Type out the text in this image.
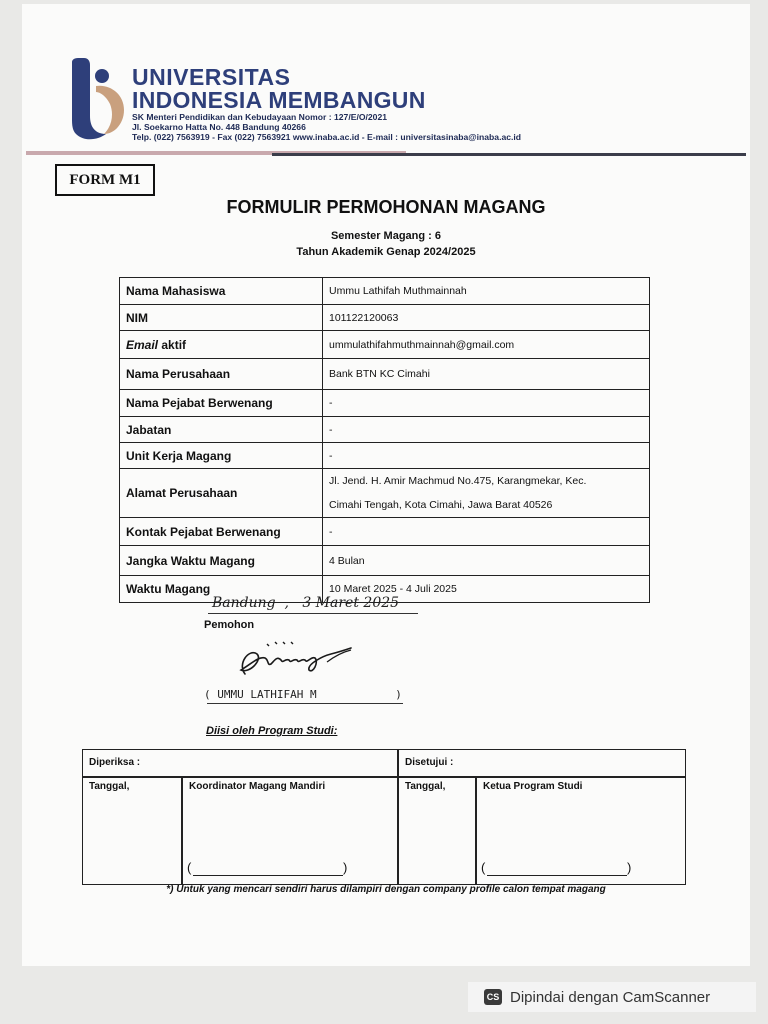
UNIVERSITAS
INDONESIA MEMBANGUN
SK Menteri Pendidikan dan Kebudayaan Nomor : 127/E/O/2021
Jl. Soekarno Hatta No. 448 Bandung 40266
Telp. (022) 7563919 - Fax (022) 7563921 www.inaba.ac.id - E-mail : universitasinaba@inaba.ac.id
FORM M1
FORMULIR PERMOHONAN MAGANG
Semester Magang : 6
Tahun Akademik Genap 2024/2025
Nama Mahasiswa	Ummu Lathifah Muthmainnah
NIM	101122120063
Email aktif	ummulathifahmuthmainnah@gmail.com
Nama Perusahaan	Bank BTN KC Cimahi
Nama Pejabat Berwenang	-
Jabatan	-
Unit Kerja Magang	-
Alamat Perusahaan	Jl. Jend. H. Amir Machmud No.475, Karangmekar, Kec.
Cimahi Tengah, Kota Cimahi, Jawa Barat 40526

Kontak Pejabat Berwenang	-
Jangka Waktu Magang	4 Bulan
Waktu Magang	10 Maret 2025 - 4 Juli 2025
Bandung  ,   3 Maret 2025
Pemohon
( UMMU LATHIFAH M	)
Diisi oleh Program Studi:
Diperiksa :	Disetujui :
Tanggal,	Koordinator Magang Mandiri	Tanggal,	Ketua Program Studi
(	)	(	)
*) Untuk yang mencari sendiri harus dilampiri dengan company profile calon tempat magang
CS Dipindai dengan CamScanner
